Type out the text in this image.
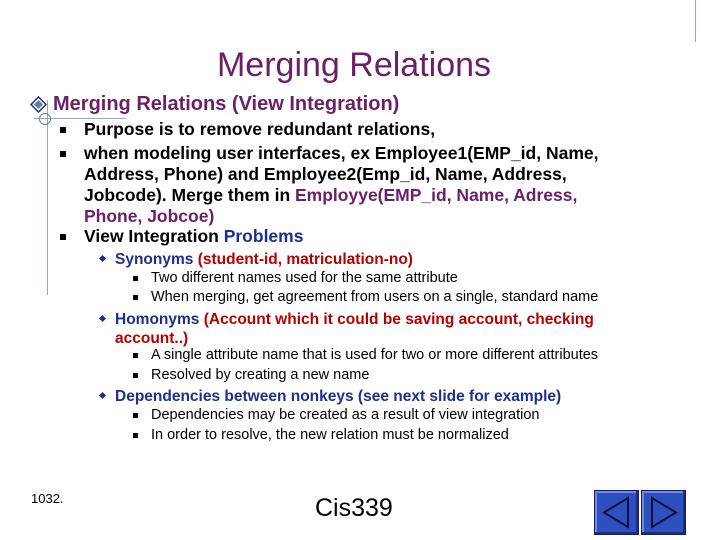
Merging Relations
Merging Relations (View Integration)
Purpose is to remove redundant relations,
when modeling user interfaces, ex Employee1(EMP_id, Name,
Address, Phone) and Employee2(Emp_id, Name, Address,
Jobcode). Merge them in Employye(EMP_id, Name, Adress,
Phone, Jobcoe)
View Integration Problems
Synonyms (student-id, matriculation-no)
Two different names used for the same attribute
When merging, get agreement from users on a single, standard name
Homonyms (Account which it could be saving account, checking
account..)
A single attribute name that is used for two or more different attributes
Resolved by creating a new name
Dependencies between nonkeys (see next slide for example)
Dependencies may be created as a result of view integration
In order to resolve, the new relation must be normalized
1032.	Cis339
